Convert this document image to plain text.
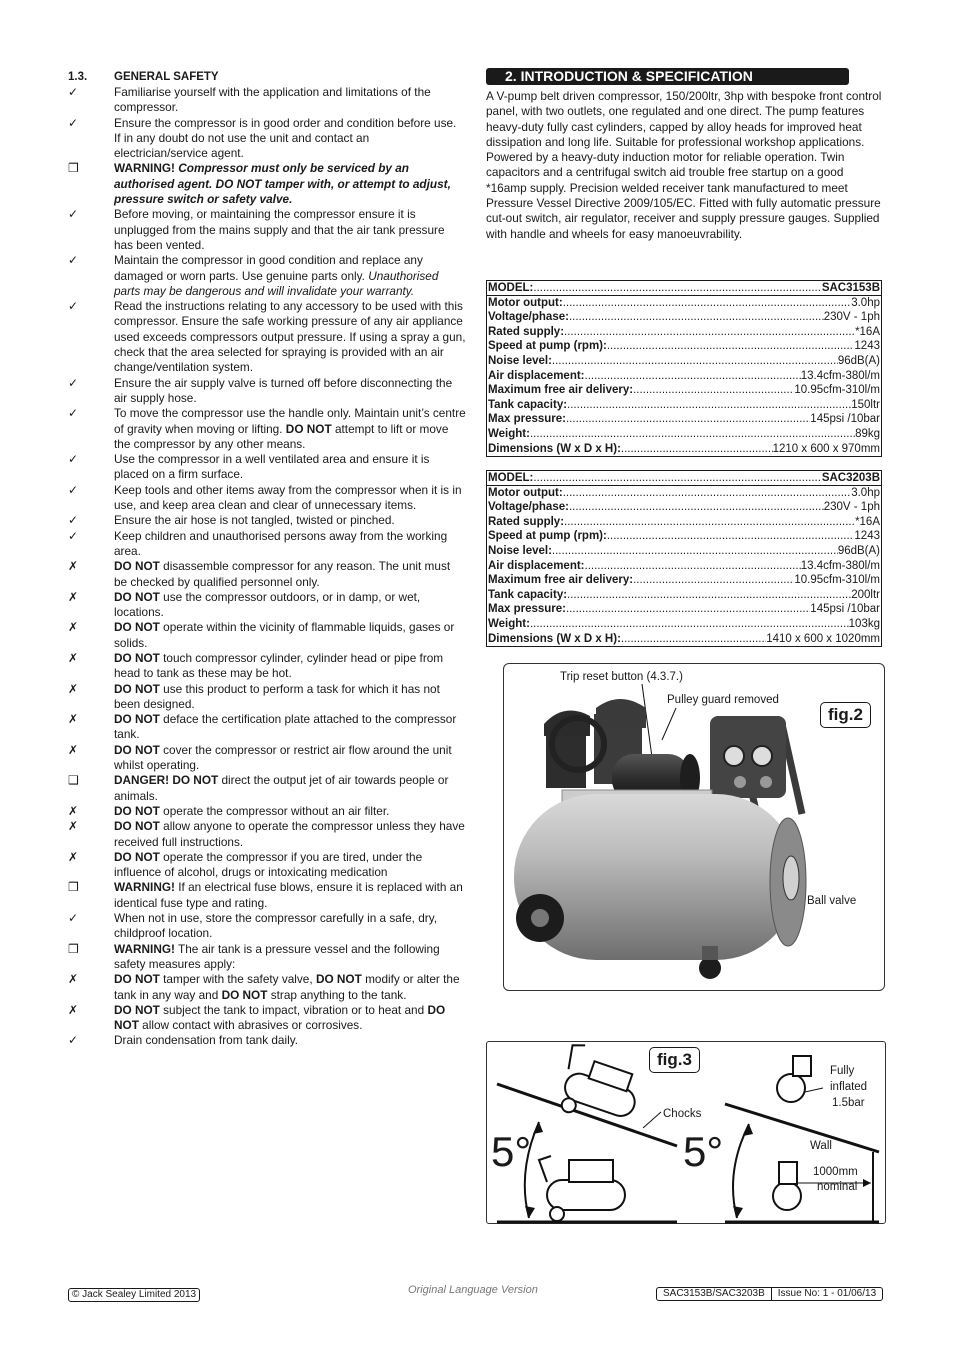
1.3.	GENERAL SAFETY
✓	Familiarise yourself with the application and limitations of the compressor.
✓	Ensure the compressor is in good order and condition before use. If in any doubt do not use the unit and contact an electrician/service agent.
❒	WARNING! Compressor must only be serviced by an authorised agent. DO NOT tamper with, or attempt to adjust, pressure switch or safety valve.
✓	Before moving, or maintaining the compressor ensure it is unplugged from the mains supply and that the air tank pressure has been vented.
✓	Maintain the compressor in good condition and replace any damaged or worn parts. Use genuine parts only. Unauthorised parts may be dangerous and will invalidate your warranty.
✓	Read the instructions relating to any accessory to be used with this compressor. Ensure the safe working pressure of any air appliance used exceeds compressors output pressure. If using a spray a gun, check that the area selected for spraying is provided with an air change/ventilation system.
✓	Ensure the air supply valve is turned off before disconnecting the air supply hose.
✓	To move the compressor use the handle only. Maintain unit’s centre of gravity when moving or lifting. DO NOT attempt to lift or move the compressor by any other means.
✓	Use the compressor in a well ventilated area and ensure it is placed on a firm surface.
✓	Keep tools and other items away from the compressor when it is in use, and keep area clean and clear of unnecessary items.
✓	Ensure the air hose is not tangled, twisted or pinched.
✓	Keep children and unauthorised persons away from the working area.
✗	DO NOT disassemble compressor for any reason. The unit must be checked by qualified personnel only.
✗	DO NOT use the compressor outdoors, or in damp, or wet, locations.
✗	DO NOT operate within the vicinity of flammable liquids, gases or solids.
✗	DO NOT touch compressor cylinder, cylinder head or pipe from head to tank as these may be hot.
✗	DO NOT use this product to perform a task for which it has not been designed.
✗	DO NOT deface the certification plate attached to the compressor tank.
✗	DO NOT cover the compressor or restrict air flow around the unit whilst operating.
❑	DANGER! DO NOT direct the output jet of air towards people or animals.
✗	DO NOT operate the compressor without an air filter.
✗	DO NOT allow anyone to operate the compressor unless they have received full instructions.
✗	DO NOT operate the compressor if you are tired, under the influence of alcohol, drugs or intoxicating medication
❒	WARNING! If an electrical fuse blows, ensure it is replaced with an identical fuse type and rating.
✓	When not in use, store the compressor carefully in a safe, dry, childproof location.
❒	WARNING! The air tank is a pressure vessel and the following safety measures apply:
✗	DO NOT tamper with the safety valve, DO NOT modify or alter the tank in any way and DO NOT strap anything to the tank.
✗	DO NOT subject the tank to impact, vibration or to heat and DO NOT allow contact with abrasives or corrosives.
✓	Drain condensation from tank daily.
2. INTRODUCTION & SPECIFICATION

A V-pump belt driven compressor, 150/200ltr, 3hp with bespoke front control panel, with two outlets, one regulated and one direct. The pump features heavy-duty fully cast cylinders, capped by alloy heads for improved heat dissipation and long life. Suitable for professional workshop applications. Powered by a heavy-duty induction motor for reliable operation. Twin capacitors and a centrifugal switch aid trouble free startup on a good *16amp supply. Precision welded receiver tank manufactured to meet Pressure Vessel Directive 2009/105/EC. Fitted with fully automatic pressure cut-out switch, air regulator, receiver and supply pressure gauges. Supplied with handle and wheels for easy manoeuvrability.

MODEL: .....	SAC3153B
Motor output: .....	3.0hp
Voltage/phase: .....	230V - 1ph
Rated supply: .....	*16A
Speed at pump (rpm): .....	1243
Noise level: .....	96dB(A)
Air displacement: .....	13.4cfm-380l/m
Maximum free air delivery: .....	10.95cfm-310l/m
Tank capacity: .....	150ltr
Max pressure: .....	145psi /10bar
Weight: .....	89kg
Dimensions (W x D x H): .....	1210 x 600 x 970mm
MODEL: .....	SAC3203B
Motor output: .....	3.0hp
Voltage/phase: .....	230V - 1ph
Rated supply: .....	*16A
Speed at pump (rpm): .....	1243
Noise level: .....	96dB(A)
Air displacement: .....	13.4cfm-380l/m
Maximum free air delivery: .....	10.95cfm-310l/m
Tank capacity: .....	200ltr
Max pressure: .....	145psi /10bar
Weight: .....	103kg
Dimensions (W x D x H): .....	1410 x 600 x 1020mm
Trip reset button (4.3.7.)
Pulley guard removed
Ball valve
fig.2
fig.3
Chocks
Fully
inflated
1.5bar
Wall
1000mm
nominal
5°	5°
© Jack Sealey Limited 2013	Original Language Version	SAC3153B/SAC3203B	Issue No: 1 - 01/06/13
